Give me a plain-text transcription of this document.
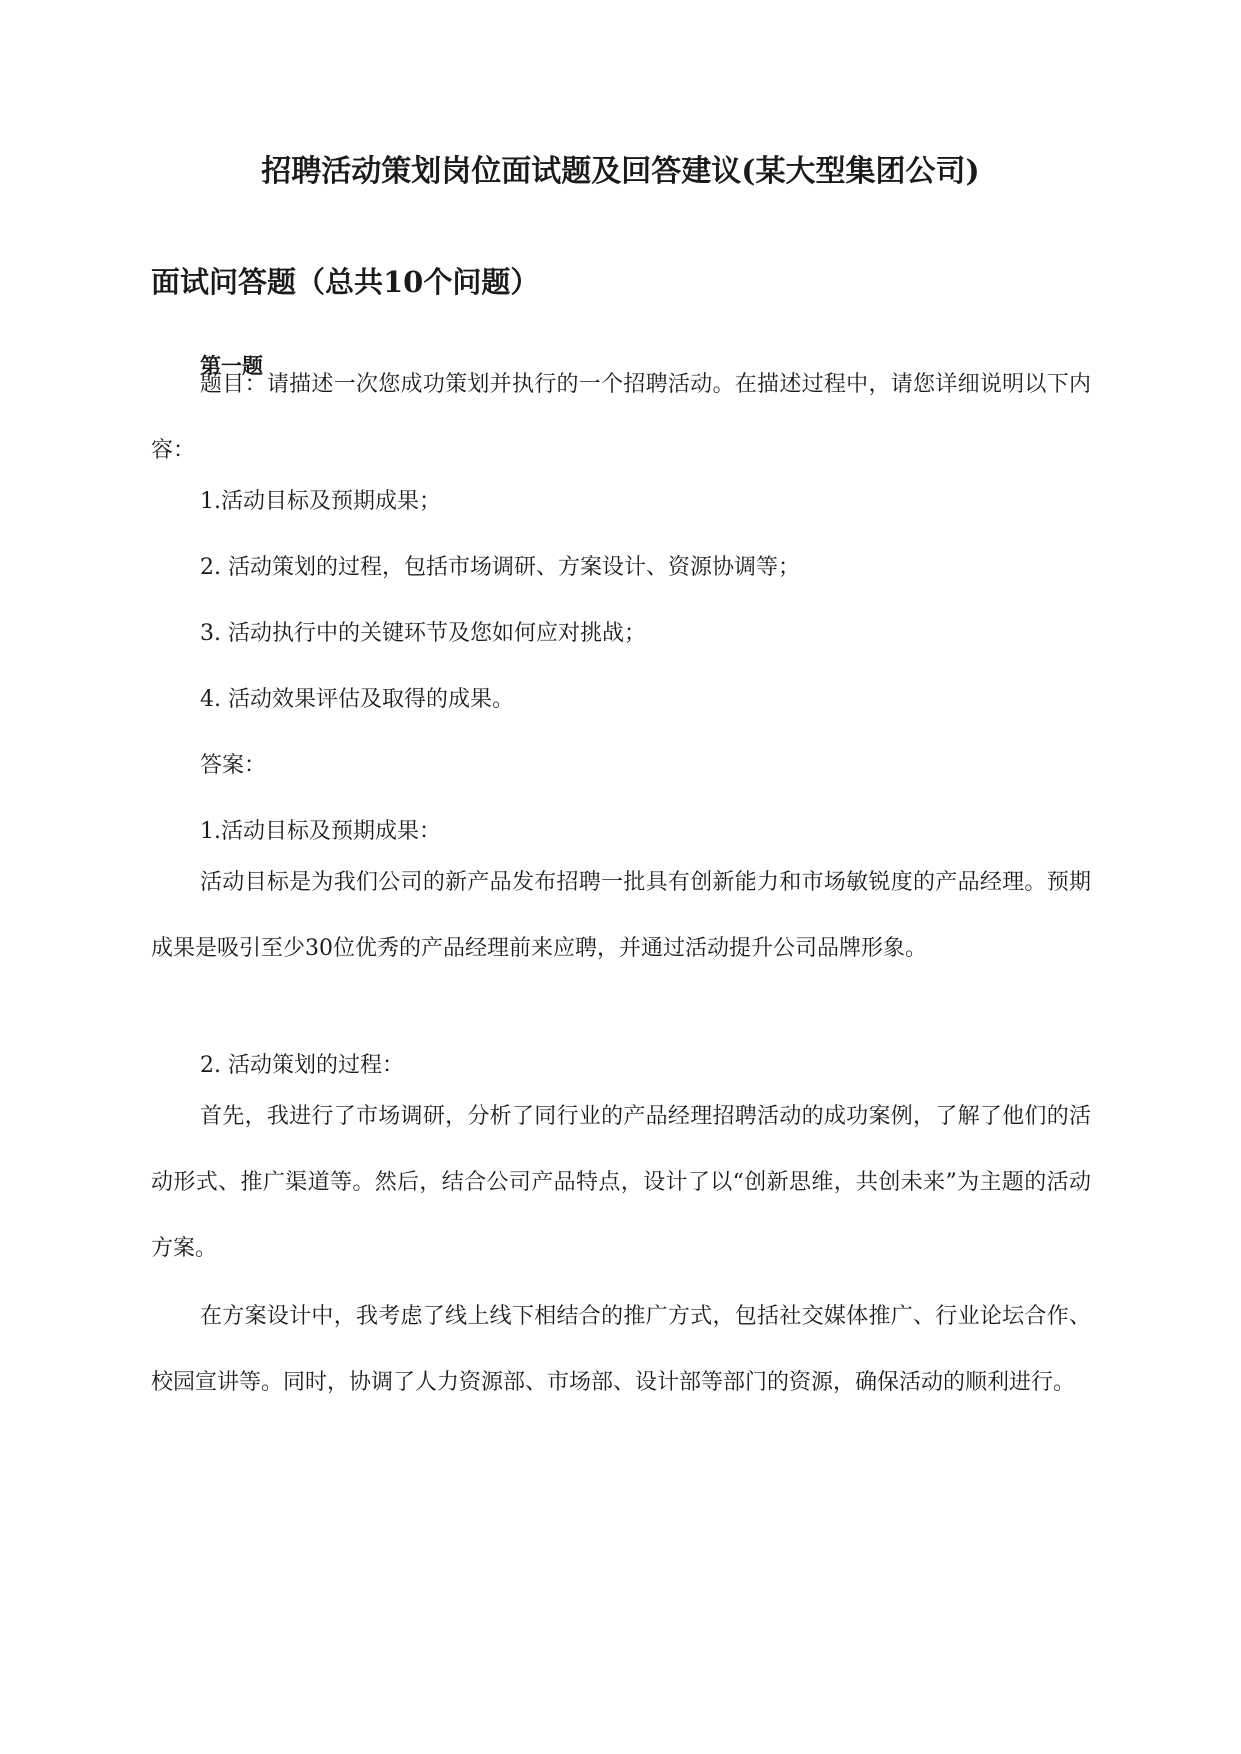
招聘活动策划岗位面试题及回答建议(某大型集团公司)
面试问答题（总共10个问题）
第一题

题目：请描述一次您成功策划并执行的一个招聘活动。在描述过程中，请您详细说明以下内容：

1.活动目标及预期成果；

2. 活动策划的过程，包括市场调研、方案设计、资源协调等；

3. 活动执行中的关键环节及您如何应对挑战；

4. 活动效果评估及取得的成果。

答案：

1.活动目标及预期成果：

活动目标是为我们公司的新产品发布招聘一批具有创新能力和市场敏锐度的产品经理。预期成果是吸引至少30位优秀的产品经理前来应聘，并通过活动提升公司品牌形象。

2. 活动策划的过程：

首先，我进行了市场调研，分析了同行业的产品经理招聘活动的成功案例，了解了他们的活动形式、推广渠道等。然后，结合公司产品特点，设计了以“创新思维，共创未来”为主题的活动方案。

在方案设计中，我考虑了线上线下相结合的推广方式，包括社交媒体推广、行业论坛合作、校园宣讲等。同时，协调了人力资源部、市场部、设计部等部门的资源，确保活动的顺利进行。
